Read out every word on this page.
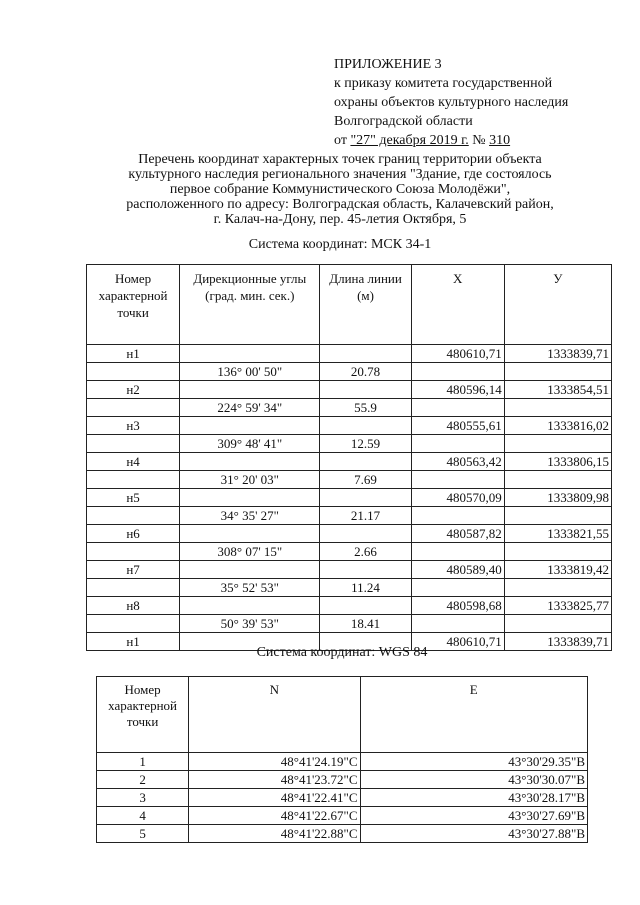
ПРИЛОЖЕНИЕ 3
к приказу комитета государственной
охраны объектов культурного наследия
Волгоградской области
от "27" декабря 2019 г. № 310
Перечень координат характерных точек границ территории объекта
культурного наследия регионального значения "Здание, где состоялось
первое собрание Коммунистического Союза Молодёжи",
расположенного по адресу: Волгоградская область, Калачевский район,
г. Калач-на-Дону, пер. 45-летия Октября, 5
Система координат: МСК 34-1
Номер характерной точки	Дирекционные углы (град. мин. сек.)	Длина линии (м)	X	У
н1			480610,71	1333839,71
	136° 00' 50"	20.78		
н2			480596,14	1333854,51
	224° 59' 34"	55.9		
н3			480555,61	1333816,02
	309° 48' 41"	12.59		
н4			480563,42	1333806,15
	31° 20' 03"	7.69		
н5			480570,09	1333809,98
	34° 35' 27"	21.17		
н6			480587,82	1333821,55
	308° 07' 15"	2.66		
н7			480589,40	1333819,42
	35° 52' 53"	11.24		
н8			480598,68	1333825,77
	50° 39' 53"	18.41		
н1			480610,71	1333839,71
Система координат: WGS 84
Номер характерной точки	N	E
1	48°41'24.19"С	43°30'29.35"В
2	48°41'23.72"С	43°30'30.07"В
3	48°41'22.41"С	43°30'28.17"В
4	48°41'22.67"С	43°30'27.69"В
5	48°41'22.88"С	43°30'27.88"В
